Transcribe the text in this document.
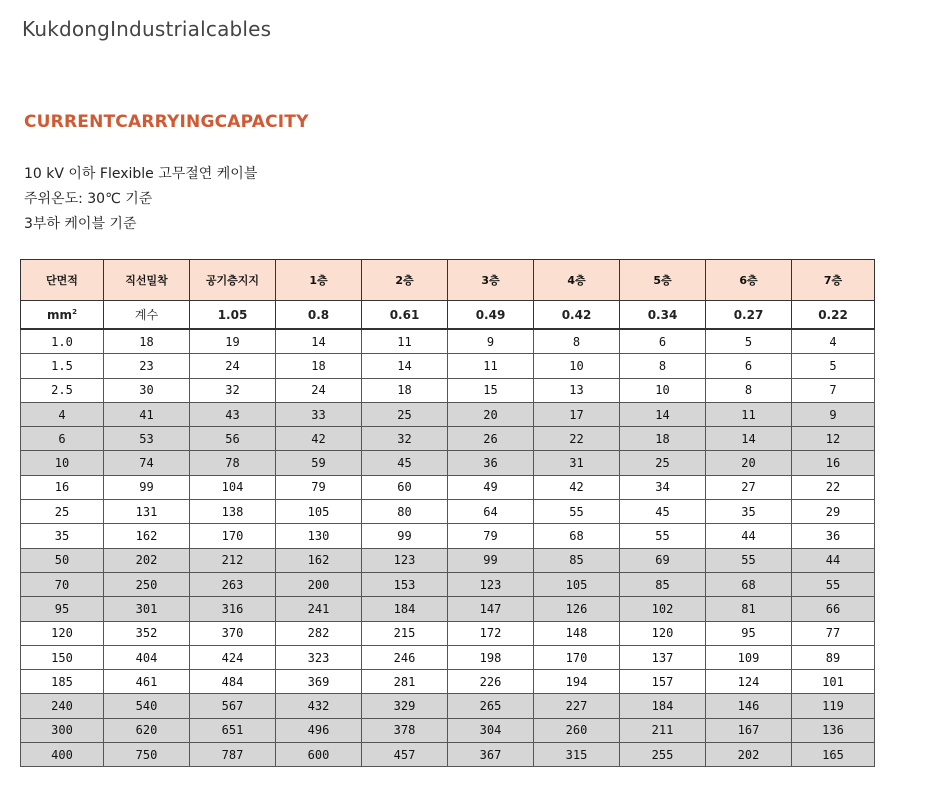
KukdongIndustrialcables
CURRENTCARRYINGCAPACITY
10 kV 이하 Flexible 고무절연 케이블
주위온도: 30℃ 기준
3부하 케이블 기준
단면적	직선밀착	공기층지지	1층	2층	3층	4층	5층	6층	7층
$mm^2$	계수	1.05	0.8	0.61	0.49	0.42	0.34	0.27	0.22
1.0	18	19	14	11	9	8	6	5	4
1.5	23	24	18	14	11	10	8	6	5
2.5	30	32	24	18	15	13	10	8	7
4	41	43	33	25	20	17	14	11	9
6	53	56	42	32	26	22	18	14	12
10	74	78	59	45	36	31	25	20	16
16	99	104	79	60	49	42	34	27	22
25	131	138	105	80	64	55	45	35	29
35	162	170	130	99	79	68	55	44	36
50	202	212	162	123	99	85	69	55	44
70	250	263	200	153	123	105	85	68	55
95	301	316	241	184	147	126	102	81	66
120	352	370	282	215	172	148	120	95	77
150	404	424	323	246	198	170	137	109	89
185	461	484	369	281	226	194	157	124	101
240	540	567	432	329	265	227	184	146	119
300	620	651	496	378	304	260	211	167	136
400	750	787	600	457	367	315	255	202	165
